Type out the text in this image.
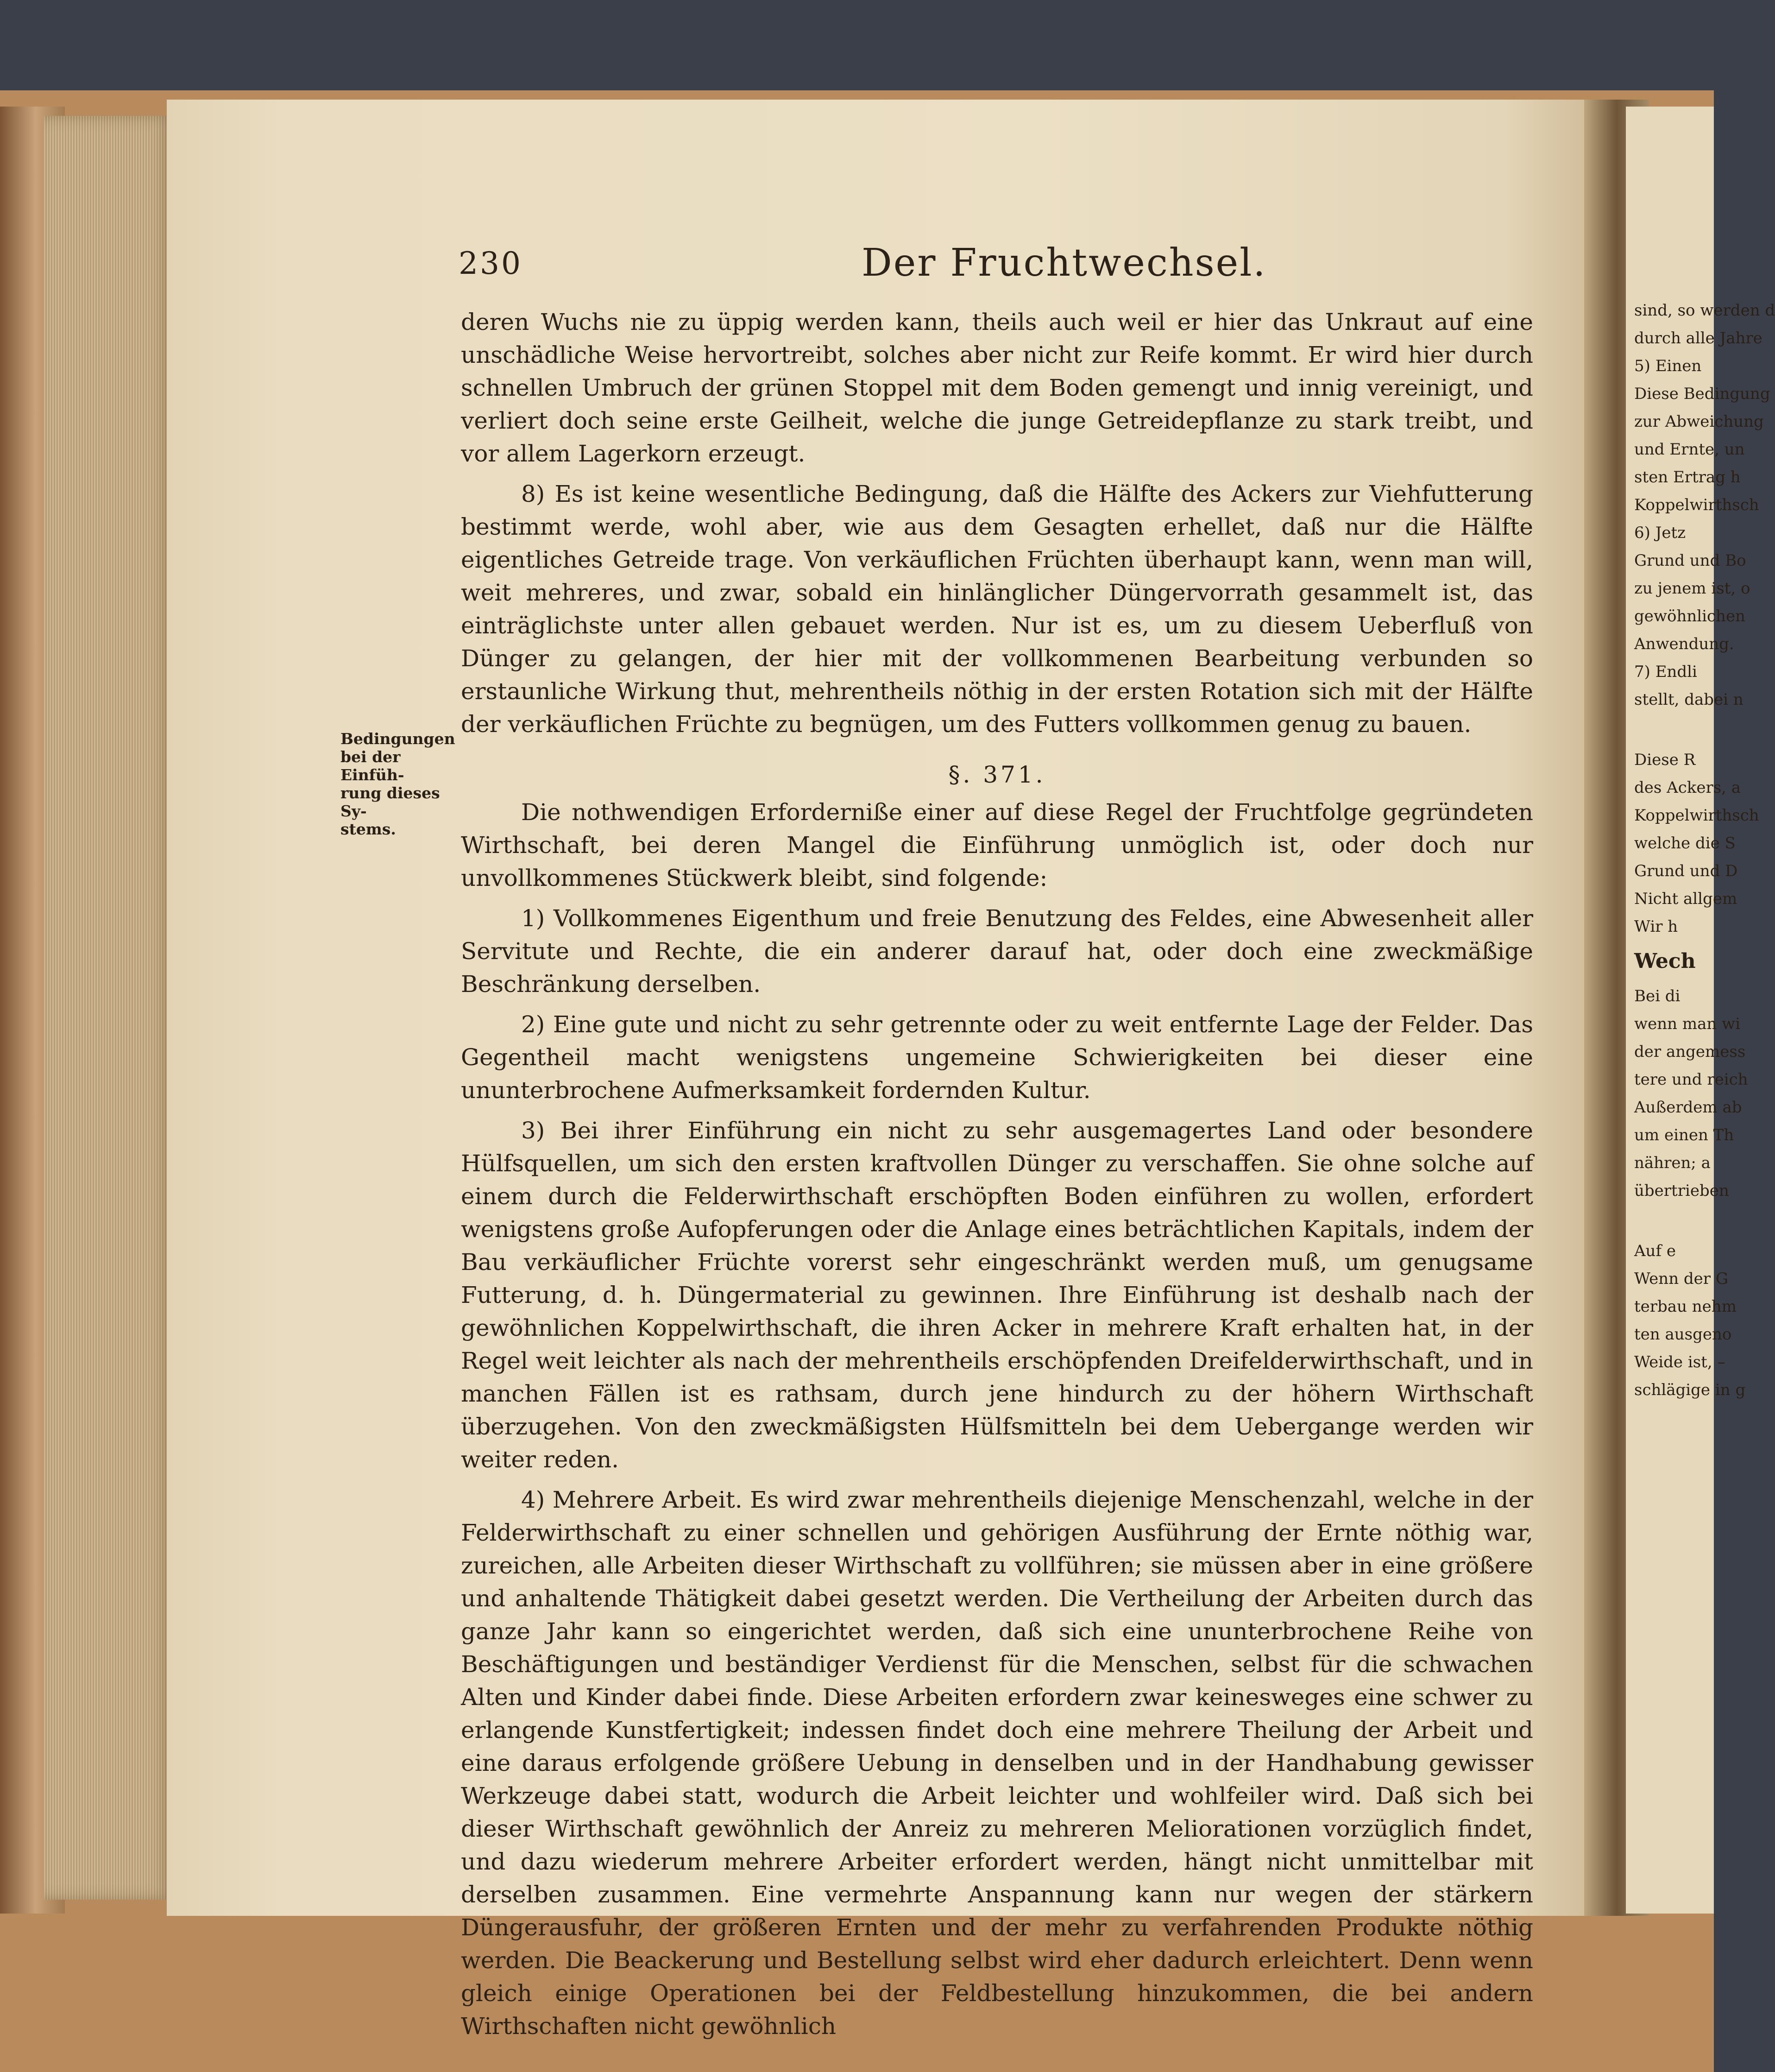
230	Der Fruchtwechsel.
Bedingungen
bei der Einfüh-
rung dieses Sy-
stems.

deren Wuchs nie zu üppig werden kann, theils auch weil er hier das Unkraut auf eine unschädliche Weise hervortreibt, solches aber nicht zur Reife kommt. Er wird hier durch schnellen Umbruch der grünen Stoppel mit dem Boden gemengt und innig vereinigt, und verliert doch seine erste Geilheit, welche die junge Getreidepflanze zu stark treibt, und vor allem Lagerkorn erzeugt.

8) Es ist keine wesentliche Bedingung, daß die Hälfte des Ackers zur Viehfutterung bestimmt werde, wohl aber, wie aus dem Gesagten erhellet, daß nur die Hälfte eigentliches Getreide trage. Von verkäuflichen Früchten überhaupt kann, wenn man will, weit mehreres, und zwar, sobald ein hinlänglicher Düngervorrath gesammelt ist, das einträglichste unter allen gebauet werden. Nur ist es, um zu diesem Ueberfluß von Dünger zu gelangen, der hier mit der vollkommenen Bearbeitung verbunden so erstaunliche Wirkung thut, mehrentheils nöthig in der ersten Rotation sich mit der Hälfte der verkäuflichen Früchte zu begnügen, um des Futters vollkommen genug zu bauen.

§. 371.

Die nothwendigen Erforderniße einer auf diese Regel der Fruchtfolge gegründeten Wirthschaft, bei deren Mangel die Einführung unmöglich ist, oder doch nur unvollkommenes Stückwerk bleibt, sind folgende:

1) Vollkommenes Eigenthum und freie Benutzung des Feldes, eine Abwesenheit aller Servitute und Rechte, die ein anderer darauf hat, oder doch eine zweckmäßige Beschränkung derselben.

2) Eine gute und nicht zu sehr getrennte oder zu weit entfernte Lage der Felder. Das Gegentheil macht wenigstens ungemeine Schwierigkeiten bei dieser eine ununterbrochene Aufmerksamkeit fordernden Kultur.

3) Bei ihrer Einführung ein nicht zu sehr ausgemagertes Land oder besondere Hülfsquellen, um sich den ersten kraftvollen Dünger zu verschaffen. Sie ohne solche auf einem durch die Felderwirthschaft erschöpften Boden einführen zu wollen, erfordert wenigstens große Aufopferungen oder die Anlage eines beträchtlichen Kapitals, indem der Bau verkäuflicher Früchte vorerst sehr eingeschränkt werden muß, um genugsame Futterung, d. h. Düngermaterial zu gewinnen. Ihre Einführung ist deshalb nach der gewöhnlichen Koppelwirthschaft, die ihren Acker in mehrere Kraft erhalten hat, in der Regel weit leichter als nach der mehrentheils erschöpfenden Dreifelderwirthschaft, und in manchen Fällen ist es rathsam, durch jene hindurch zu der höhern Wirthschaft überzugehen. Von den zweckmäßigsten Hülfsmitteln bei dem Uebergange werden wir weiter reden.

4) Mehrere Arbeit. Es wird zwar mehrentheils diejenige Menschenzahl, welche in der Felderwirthschaft zu einer schnellen und gehörigen Ausführung der Ernte nöthig war, zureichen, alle Arbeiten dieser Wirthschaft zu vollführen; sie müssen aber in eine größere und anhaltende Thätigkeit dabei gesetzt werden. Die Vertheilung der Arbeiten durch das ganze Jahr kann so eingerichtet werden, daß sich eine ununterbrochene Reihe von Beschäftigungen und beständiger Verdienst für die Menschen, selbst für die schwachen Alten und Kinder dabei finde. Diese Arbeiten erfordern zwar keinesweges eine schwer zu erlangende Kunstfertigkeit; indessen findet doch eine mehrere Theilung der Arbeit und eine daraus erfolgende größere Uebung in denselben und in der Handhabung gewisser Werkzeuge dabei statt, wodurch die Arbeit leichter und wohlfeiler wird. Daß sich bei dieser Wirthschaft gewöhnlich der Anreiz zu mehreren Meliorationen vorzüglich findet, und dazu wiederum mehrere Arbeiter erfordert werden, hängt nicht unmittelbar mit derselben zusammen. Eine vermehrte Anspannung kann nur wegen der stärkern Düngerausfuhr, der größeren Ernten und der mehr zu verfahrenden Produkte nöthig werden. Die Beackerung und Bestellung selbst wird eher dadurch erleichtert. Denn wenn gleich einige Operationen bei der Feldbestellung hinzukommen, die bei andern Wirthschaften nicht gewöhnlich

sind, so werden d
durch alle Jahre
5) Einen
Diese Bedingung
zur Abweichung
und Ernte, un
sten Ertrag h
Koppelwirthsch
6) Jetz
Grund und Bo
zu jenem ist, o
gewöhnlichen
Anwendung.
7) Endli
stellt, dabei n
Diese R
des Ackers, a
Koppelwirthsch
welche die S
Grund und D
Nicht allgem
Wir h
Wech
Bei di
wenn man wi
der angemess
tere und reich
Außerdem ab
um einen Th
nähren; a
übertrieben
Auf e
Wenn der G
terbau nehm
ten ausgeno
Weide ist, –
schlägige in g
